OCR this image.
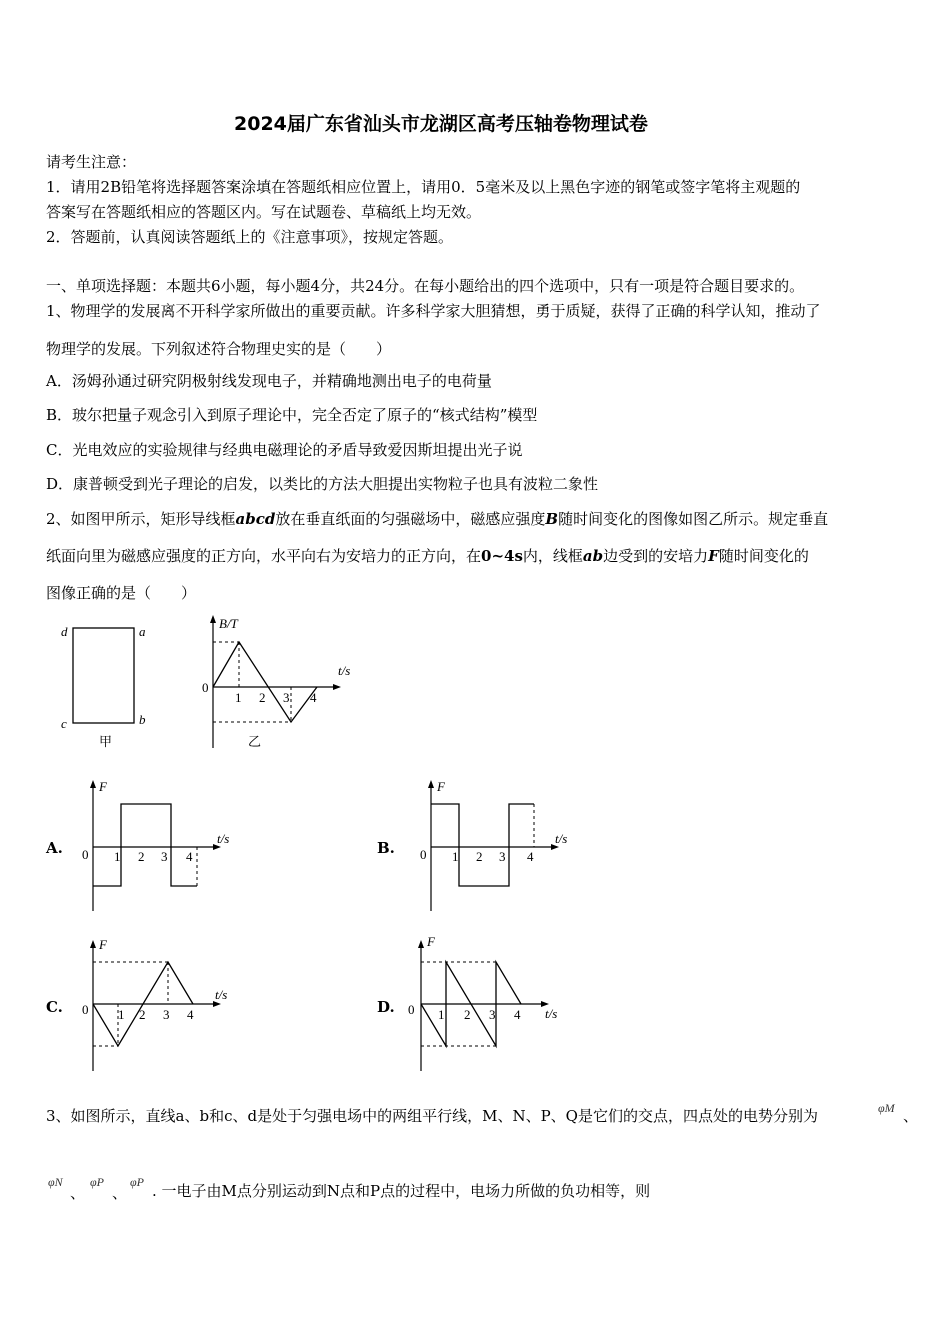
2024届广东省汕头市龙湖区高考压轴卷物理试卷
请考生注意：
1．请用2B铅笔将选择题答案涂填在答题纸相应位置上，请用0．5毫米及以上黑色字迹的钢笔或签字笔将主观题的
答案写在答题纸相应的答题区内。写在试题卷、草稿纸上均无效。
2．答题前，认真阅读答题纸上的《注意事项》，按规定答题。
一、单项选择题：本题共6小题，每小题4分，共24分。在每小题给出的四个选项中，只有一项是符合题目要求的。
1、物理学的发展离不开科学家所做出的重要贡献。许多科学家大胆猜想，勇于质疑，获得了正确的科学认知，推动了
物理学的发展。下列叙述符合物理史实的是（　　）
A．汤姆孙通过研究阴极射线发现电子，并精确地测出电子的电荷量
B．玻尔把量子观念引入到原子理论中，完全否定了原子的“核式结构”模型
C．光电效应的实验规律与经典电磁理论的矛盾导致爱因斯坦提出光子说
D．康普顿受到光子理论的启发，以类比的方法大胆提出实物粒子也具有波粒二象性
2、如图甲所示，矩形导线框abcd放在垂直纸面的匀强磁场中，磁感应强度B随时间变化的图像如图乙所示。规定垂直
纸面向里为磁感应强度的正方向，水平向右为安培力的正方向，在0~4s内，线框ab边受到的安培力F随时间变化的
图像正确的是（　　）
d	a
c	b
甲
B/T
t/s
0
1 2 3 4
乙
A.
F
t/s
0 1 2 3 4	B.
F
t/s
0 1 2 3 4
C.
F
t/s
0 1 2 3 4	D.
F
t/s
0 1 2 3 4
3、如图所示，直线a、b和c、d是处于匀强电场中的两组平行线，M、N、P、Q是它们的交点，四点处的电势分别为	φM 、
φN
、
φP
、
φP . 一电子由M点分别运动到N点和P点的过程中，电场力所做的负功相等，则
